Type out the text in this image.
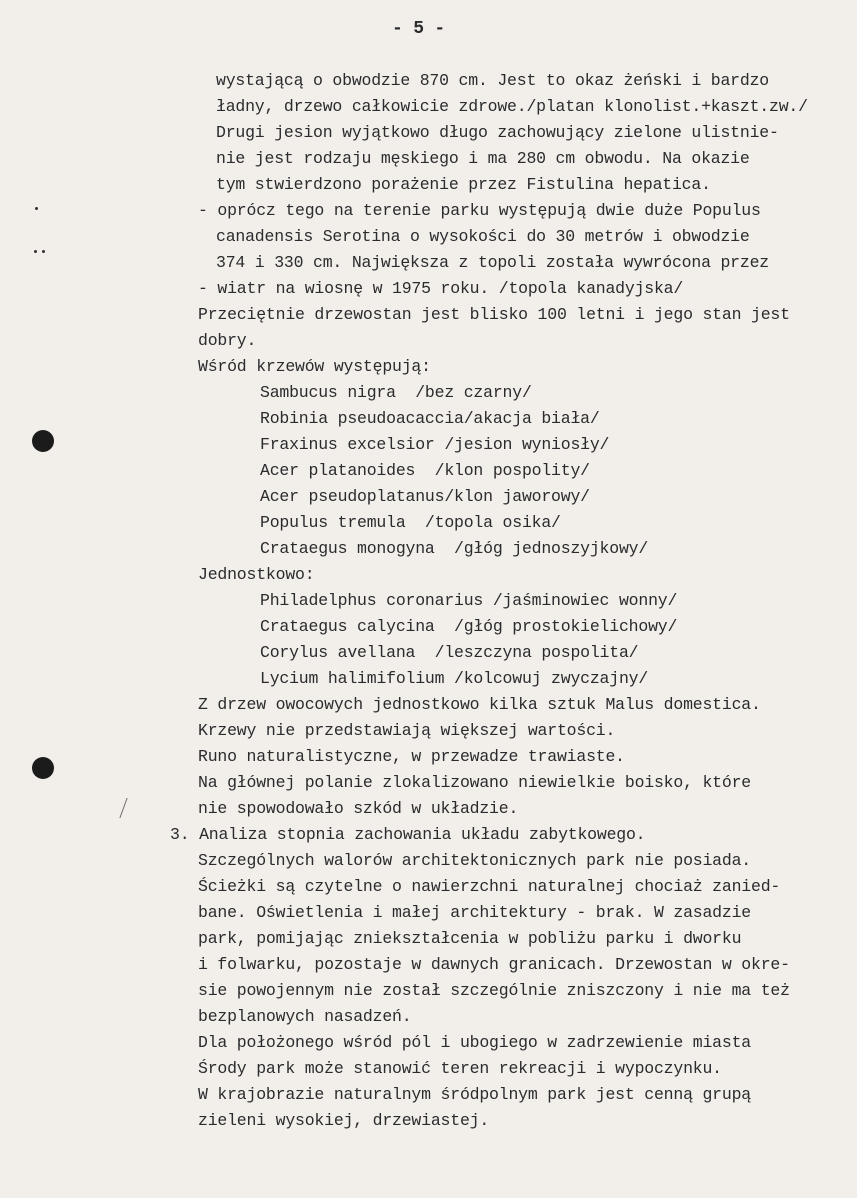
- 5 -
wystającą o obwodzie 870 cm. Jest to okaz żeński i bardzo
ładny, drzewo całkowicie zdrowe./platan klonolist.+kaszt.zw./
Drugi jesion wyjątkowo długo zachowujący zielone ulistnie-
nie jest rodzaju męskiego i ma 280 cm obwodu. Na okazie
tym stwierdzono porażenie przez Fistulina hepatica.
- oprócz tego na terenie parku występują dwie duże Populus
canadensis Serotina o wysokości do 30 metrów i obwodzie
374 i 330 cm. Największa z topoli została wywrócona przez
- wiatr na wiosnę w 1975 roku. /topola kanadyjska/
Przeciętnie drzewostan jest blisko 100 letni i jego stan jest
dobry.
Wśród krzewów występują:
Sambucus nigra  /bez czarny/
Robinia pseudoacaccia/akacja biała/
Fraxinus excelsior /jesion wyniosły/
Acer platanoides  /klon pospolity/
Acer pseudoplatanus/klon jaworowy/
Populus tremula  /topola osika/
Crataegus monogyna  /głóg jednoszyjkowy/
Jednostkowo:
Philadelphus coronarius /jaśminowiec wonny/
Crataegus calycina  /głóg prostokielichowy/
Corylus avellana  /leszczyna pospolita/
Lycium halimifolium /kolcowuj zwyczajny/
Z drzew owocowych jednostkowo kilka sztuk Malus domestica.
Krzewy nie przedstawiają większej wartości.
Runo naturalistyczne, w przewadze trawiaste.
Na głównej polanie zlokalizowano niewielkie boisko, które
nie spowodowało szkód w układzie.
3. Analiza stopnia zachowania układu zabytkowego.
Szczególnych walorów architektonicznych park nie posiada.
Ścieżki są czytelne o nawierzchni naturalnej chociaż zanied-
bane. Oświetlenia i małej architektury - brak. W zasadzie
park, pomijając zniekształcenia w pobliżu parku i dworku
i folwarku, pozostaje w dawnych granicach. Drzewostan w okre-
sie powojennym nie został szczególnie zniszczony i nie ma też
bezplanowych nasadzeń.
Dla położonego wśród pól i ubogiego w zadrzewienie miasta
Środy park może stanowić teren rekreacji i wypoczynku.
W krajobrazie naturalnym śródpolnym park jest cenną grupą
zieleni wysokiej, drzewiastej.
